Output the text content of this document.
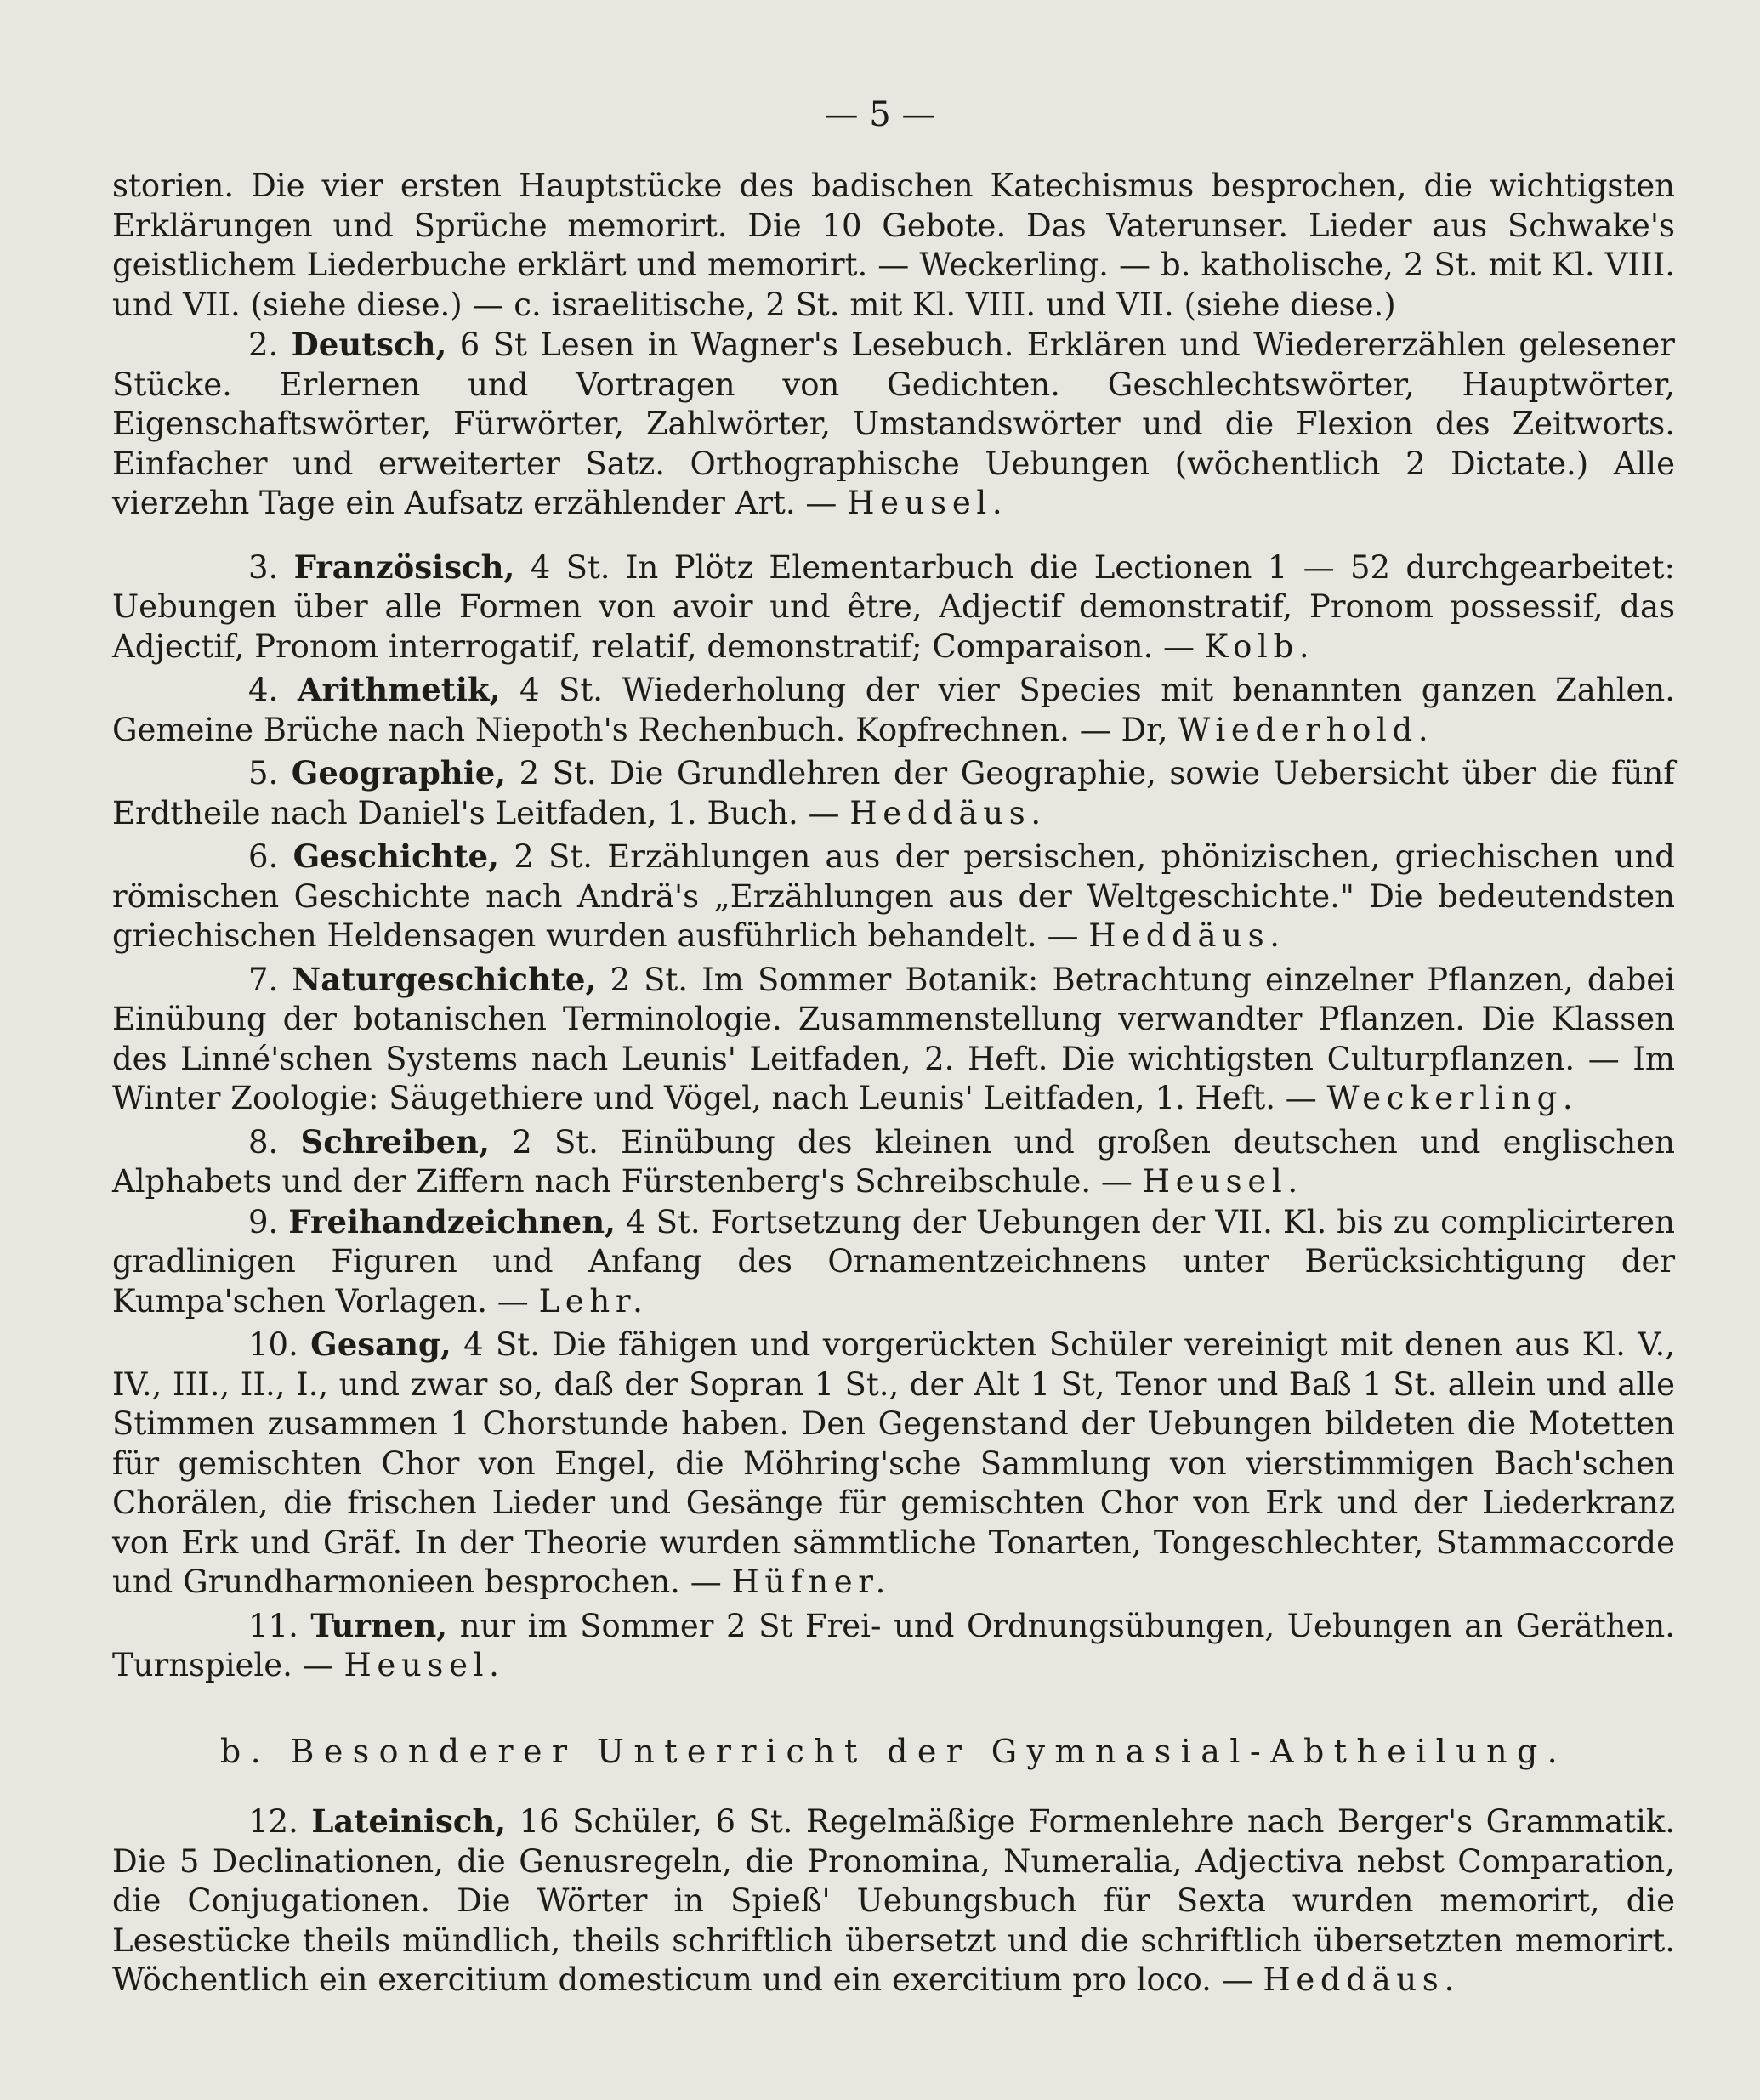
— 5 —

storien. Die vier ersten Hauptstücke des badischen Katechismus besprochen, die wichtigsten Erklärungen und Sprüche memorirt. Die 10 Gebote. Das Vaterunser. Lieder aus Schwake's geistlichem Liederbuche erklärt und memorirt. — Weckerling. — b. katholische, 2 St. mit Kl. VIII. und VII. (siehe diese.) — c. israelitische, 2 St. mit Kl. VIII. und VII. (siehe diese.)

2. Deutsch, 6 St Lesen in Wagner's Lesebuch. Erklären und Wiedererzählen gelesener Stücke. Erlernen und Vortragen von Gedichten. Geschlechtswörter, Hauptwörter, Eigenschaftswörter, Fürwörter, Zahlwörter, Umstandswörter und die Flexion des Zeitworts. Einfacher und erweiterter Satz. Orthographische Uebungen (wöchentlich 2 Dictate.) Alle vierzehn Tage ein Aufsatz erzählender Art. — Heusel.

3. Französisch, 4 St. In Plötz Elementarbuch die Lectionen 1 — 52 durchgearbeitet: Uebungen über alle Formen von avoir und être, Adjectif demonstratif, Pronom possessif, das Adjectif, Pronom interrogatif, relatif, demonstratif; Comparaison. — Kolb.

4. Arithmetik, 4 St. Wiederholung der vier Species mit benannten ganzen Zahlen. Gemeine Brüche nach Niepoth's Rechenbuch. Kopfrechnen. — Dr, Wiederhold.

5. Geographie, 2 St. Die Grundlehren der Geographie, sowie Uebersicht über die fünf Erdtheile nach Daniel's Leitfaden, 1. Buch. — Heddäus.

6. Geschichte, 2 St. Erzählungen aus der persischen, phönizischen, griechischen und römischen Geschichte nach Andrä's „Erzählungen aus der Weltgeschichte." Die bedeutendsten griechischen Heldensagen wurden ausführlich behandelt. — Heddäus.

7. Naturgeschichte, 2 St. Im Sommer Botanik: Betrachtung einzelner Pflanzen, dabei Einübung der botanischen Terminologie. Zusammenstellung verwandter Pflanzen. Die Klassen des Linné'schen Systems nach Leunis' Leitfaden, 2. Heft. Die wichtigsten Culturpflanzen. — Im Winter Zoologie: Säugethiere und Vögel, nach Leunis' Leitfaden, 1. Heft. — Weckerling.

8. Schreiben, 2 St. Einübung des kleinen und großen deutschen und englischen Alphabets und der Ziffern nach Fürstenberg's Schreibschule. — Heusel.

9. Freihandzeichnen, 4 St. Fortsetzung der Uebungen der VII. Kl. bis zu complicirteren gradlinigen Figuren und Anfang des Ornamentzeichnens unter Berücksichtigung der Kumpa'schen Vorlagen. — Lehr.

10. Gesang, 4 St. Die fähigen und vorgerückten Schüler vereinigt mit denen aus Kl. V., IV., III., II., I., und zwar so, daß der Sopran 1 St., der Alt 1 St, Tenor und Baß 1 St. allein und alle Stimmen zusammen 1 Chorstunde haben. Den Gegenstand der Uebungen bildeten die Motetten für gemischten Chor von Engel, die Möhring'sche Sammlung von vierstimmigen Bach'schen Chorälen, die frischen Lieder und Gesänge für gemischten Chor von Erk und der Liederkranz von Erk und Gräf. In der Theorie wurden sämmtliche Tonarten, Tongeschlechter, Stammaccorde und Grundharmonieen besprochen. — Hüfner.

11. Turnen, nur im Sommer 2 St Frei- und Ordnungsübungen, Uebungen an Geräthen. Turnspiele. — Heusel.

b. Besonderer Unterricht der Gymnasial-Abtheilung.

12. Lateinisch, 16 Schüler, 6 St. Regelmäßige Formenlehre nach Berger's Grammatik. Die 5 Declinationen, die Genusregeln, die Pronomina, Numeralia, Adjectiva nebst Comparation, die Conjugationen. Die Wörter in Spieß' Uebungsbuch für Sexta wurden memorirt, die Lesestücke theils mündlich, theils schriftlich übersetzt und die schriftlich übersetzten memorirt. Wöchentlich ein exercitium domesticum und ein exercitium pro loco. — Heddäus.
